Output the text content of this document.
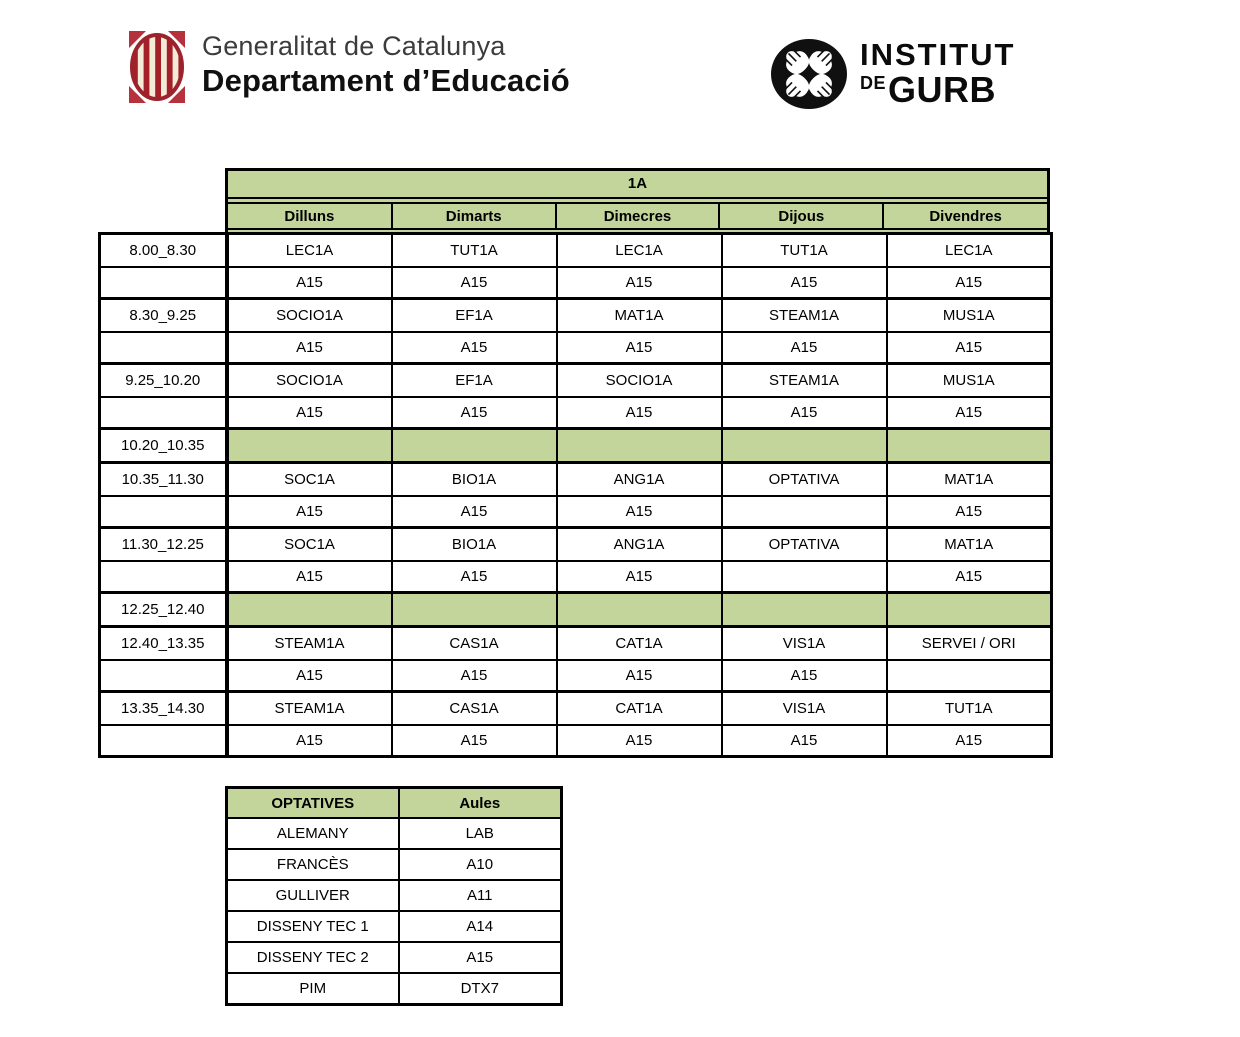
Generalitat de Catalunya
Departament d’Educació
INSTITUT
$^{DE}$GURB
1A
Dilluns	Dimarts	Dimecres	Dijous	Divendres
8.00_8.30	LEC1A	TUT1A	LEC1A	TUT1A	LEC1A
	A15	A15	A15	A15	A15
8.30_9.25	SOCIO1A	EF1A	MAT1A	STEAM1A	MUS1A
	A15	A15	A15	A15	A15
9.25_10.20	SOCIO1A	EF1A	SOCIO1A	STEAM1A	MUS1A
	A15	A15	A15	A15	A15
10.20_10.35					
10.35_11.30	SOC1A	BIO1A	ANG1A	OPTATIVA	MAT1A
	A15	A15	A15		A15
11.30_12.25	SOC1A	BIO1A	ANG1A	OPTATIVA	MAT1A
	A15	A15	A15		A15
12.25_12.40					
12.40_13.35	STEAM1A	CAS1A	CAT1A	VIS1A	SERVEI / ORI
	A15	A15	A15	A15	
13.35_14.30	STEAM1A	CAS1A	CAT1A	VIS1A	TUT1A
	A15	A15	A15	A15	A15
OPTATIVES	Aules
ALEMANY	LAB
FRANCÈS	A10
GULLIVER	A11
DISSENY TEC 1	A14
DISSENY TEC 2	A15
PIM	DTX7
